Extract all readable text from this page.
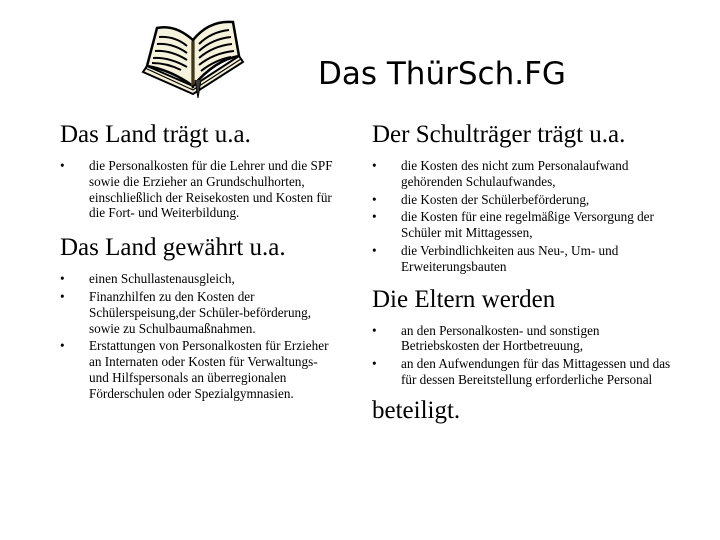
Das ThürSch.FG
Das Land trägt u.a.
• die Personalkosten für die Lehrer und die SPF sowie die Erzieher an Grundschulhorten, einschließlich der Reisekosten und Kosten für die Fort- und Weiterbildung.
Das Land gewährt u.a.
• einen Schullastenausgleich,
• Finanzhilfen zu den Kosten der Schülerspeisung,der Schüler-beförderung, sowie zu Schulbaumaßnahmen.
• Erstattungen von Personalkosten für Erzieher an Internaten oder Kosten für Verwaltungs- und Hilfspersonals an überregionalen Förderschulen oder Spezialgymnasien.
Der Schulträger trägt u.a.
• die Kosten des nicht zum Personalaufwand gehörenden Schulaufwandes,
• die Kosten der Schülerbeförderung,
• die Kosten für eine regelmäßige Versorgung der Schüler mit Mittagessen,
• die Verbindlichkeiten aus Neu-, Um- und Erweiterungsbauten
Die Eltern werden
• an den Personalkosten- und sonstigen Betriebskosten der Hortbetreuung,
• an den Aufwendungen für das Mittagessen und das für dessen Bereitstellung erforderliche Personal
beteiligt.
